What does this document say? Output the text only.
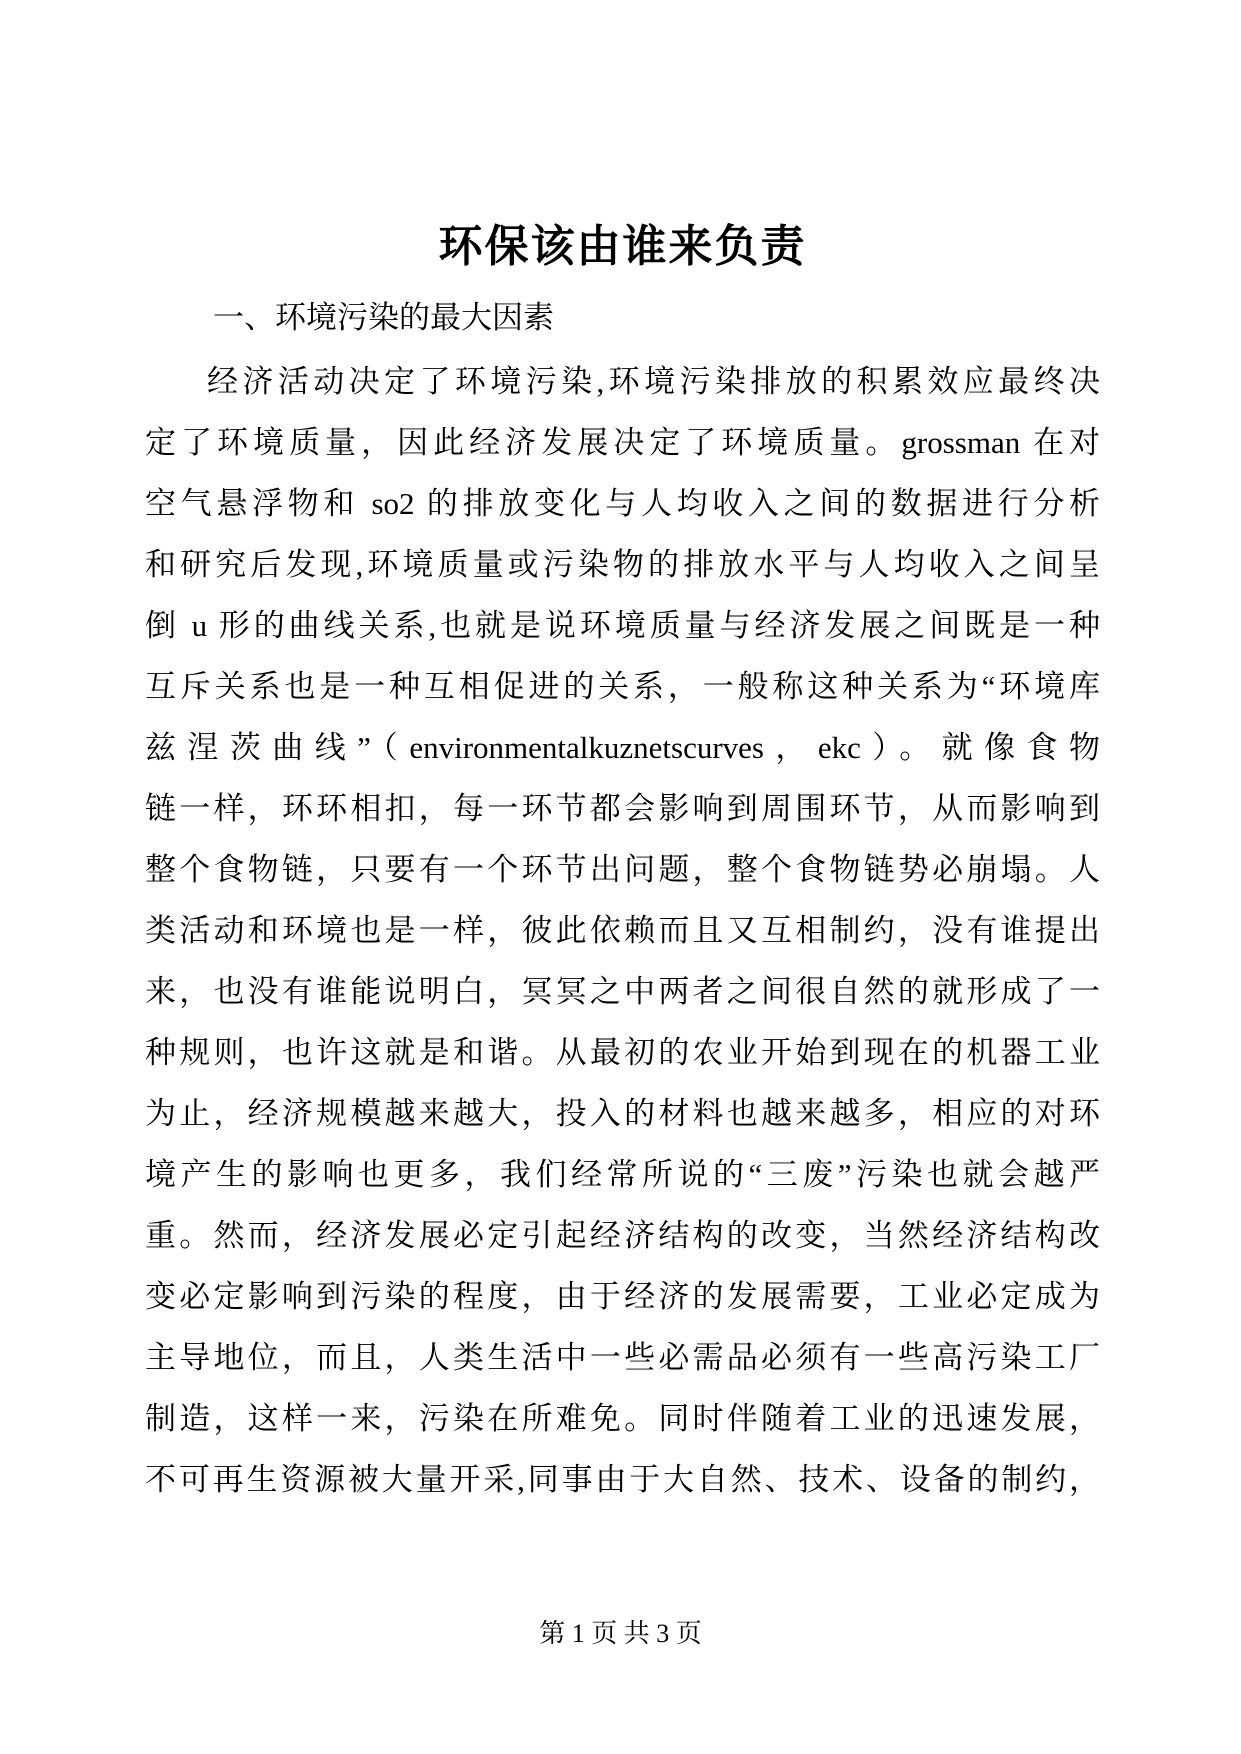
环保该由谁来负责
一、环境污染的最大因素
经济活动决定了环境污染,环境污染排放的积累效应最终决
定了环境质量，因此经济发展决定了环境质量。grossman 在对
空气悬浮物和 so2 的排放变化与人均收入之间的数据进行分析
和研究后发现,环境质量或污染物的排放水平与人均收入之间呈
倒 u 形的曲线关系,也就是说环境质量与经济发展之间既是一种
互斥关系也是一种互相促进的关系，一般称这种关系为“环境库
兹涅茨曲线”（environmentalkuznetscurves，ekc）。就像食物
链一样，环环相扣，每一环节都会影响到周围环节，从而影响到
整个食物链，只要有一个环节出问题，整个食物链势必崩塌。人
类活动和环境也是一样，彼此依赖而且又互相制约，没有谁提出
来，也没有谁能说明白，冥冥之中两者之间很自然的就形成了一
种规则，也许这就是和谐。从最初的农业开始到现在的机器工业
为止，经济规模越来越大，投入的材料也越来越多，相应的对环
境产生的影响也更多，我们经常所说的“三废”污染也就会越严
重。然而，经济发展必定引起经济结构的改变，当然经济结构改
变必定影响到污染的程度，由于经济的发展需要，工业必定成为
主导地位，而且，人类生活中一些必需品必须有一些高污染工厂
制造，这样一来，污染在所难免。同时伴随着工业的迅速发展，
不可再生资源被大量开采,同事由于大自然、技术、设备的制约，
第 1 页 共 3 页
